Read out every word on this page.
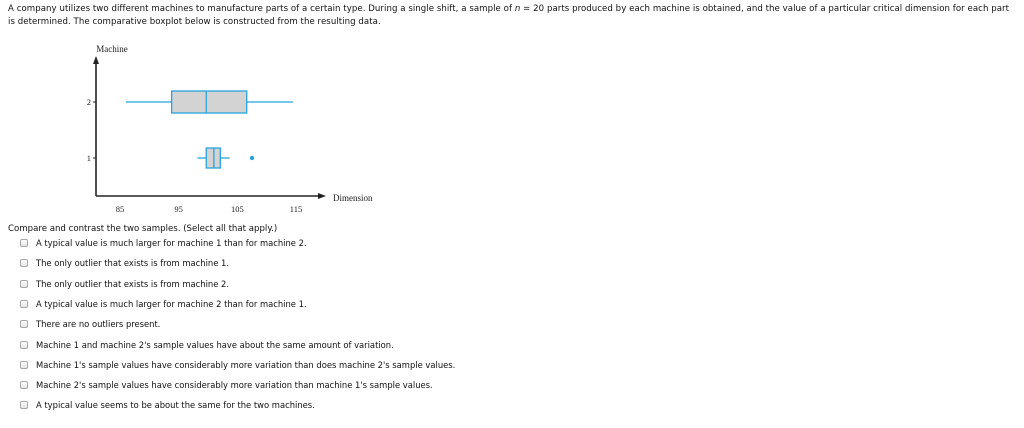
A company utilizes two different machines to manufacture parts of a certain type. During a single shift, a sample of n = 20 parts produced by each machine is obtained, and the value of a particular critical dimension for each part is determined. The comparative boxplot below is constructed from the resulting data.
Machine
Dimension
85	95	105	115
1
2
Compare and contrast the two samples. (Select all that apply.)
A typical value is much larger for machine 1 than for machine 2.
The only outlier that exists is from machine 1.
The only outlier that exists is from machine 2.
A typical value is much larger for machine 2 than for machine 1.
There are no outliers present.
Machine 1 and machine 2's sample values have about the same amount of variation.
Machine 1's sample values have considerably more variation than does machine 2's sample values.
Machine 2's sample values have considerably more variation than machine 1's sample values.
A typical value seems to be about the same for the two machines.
